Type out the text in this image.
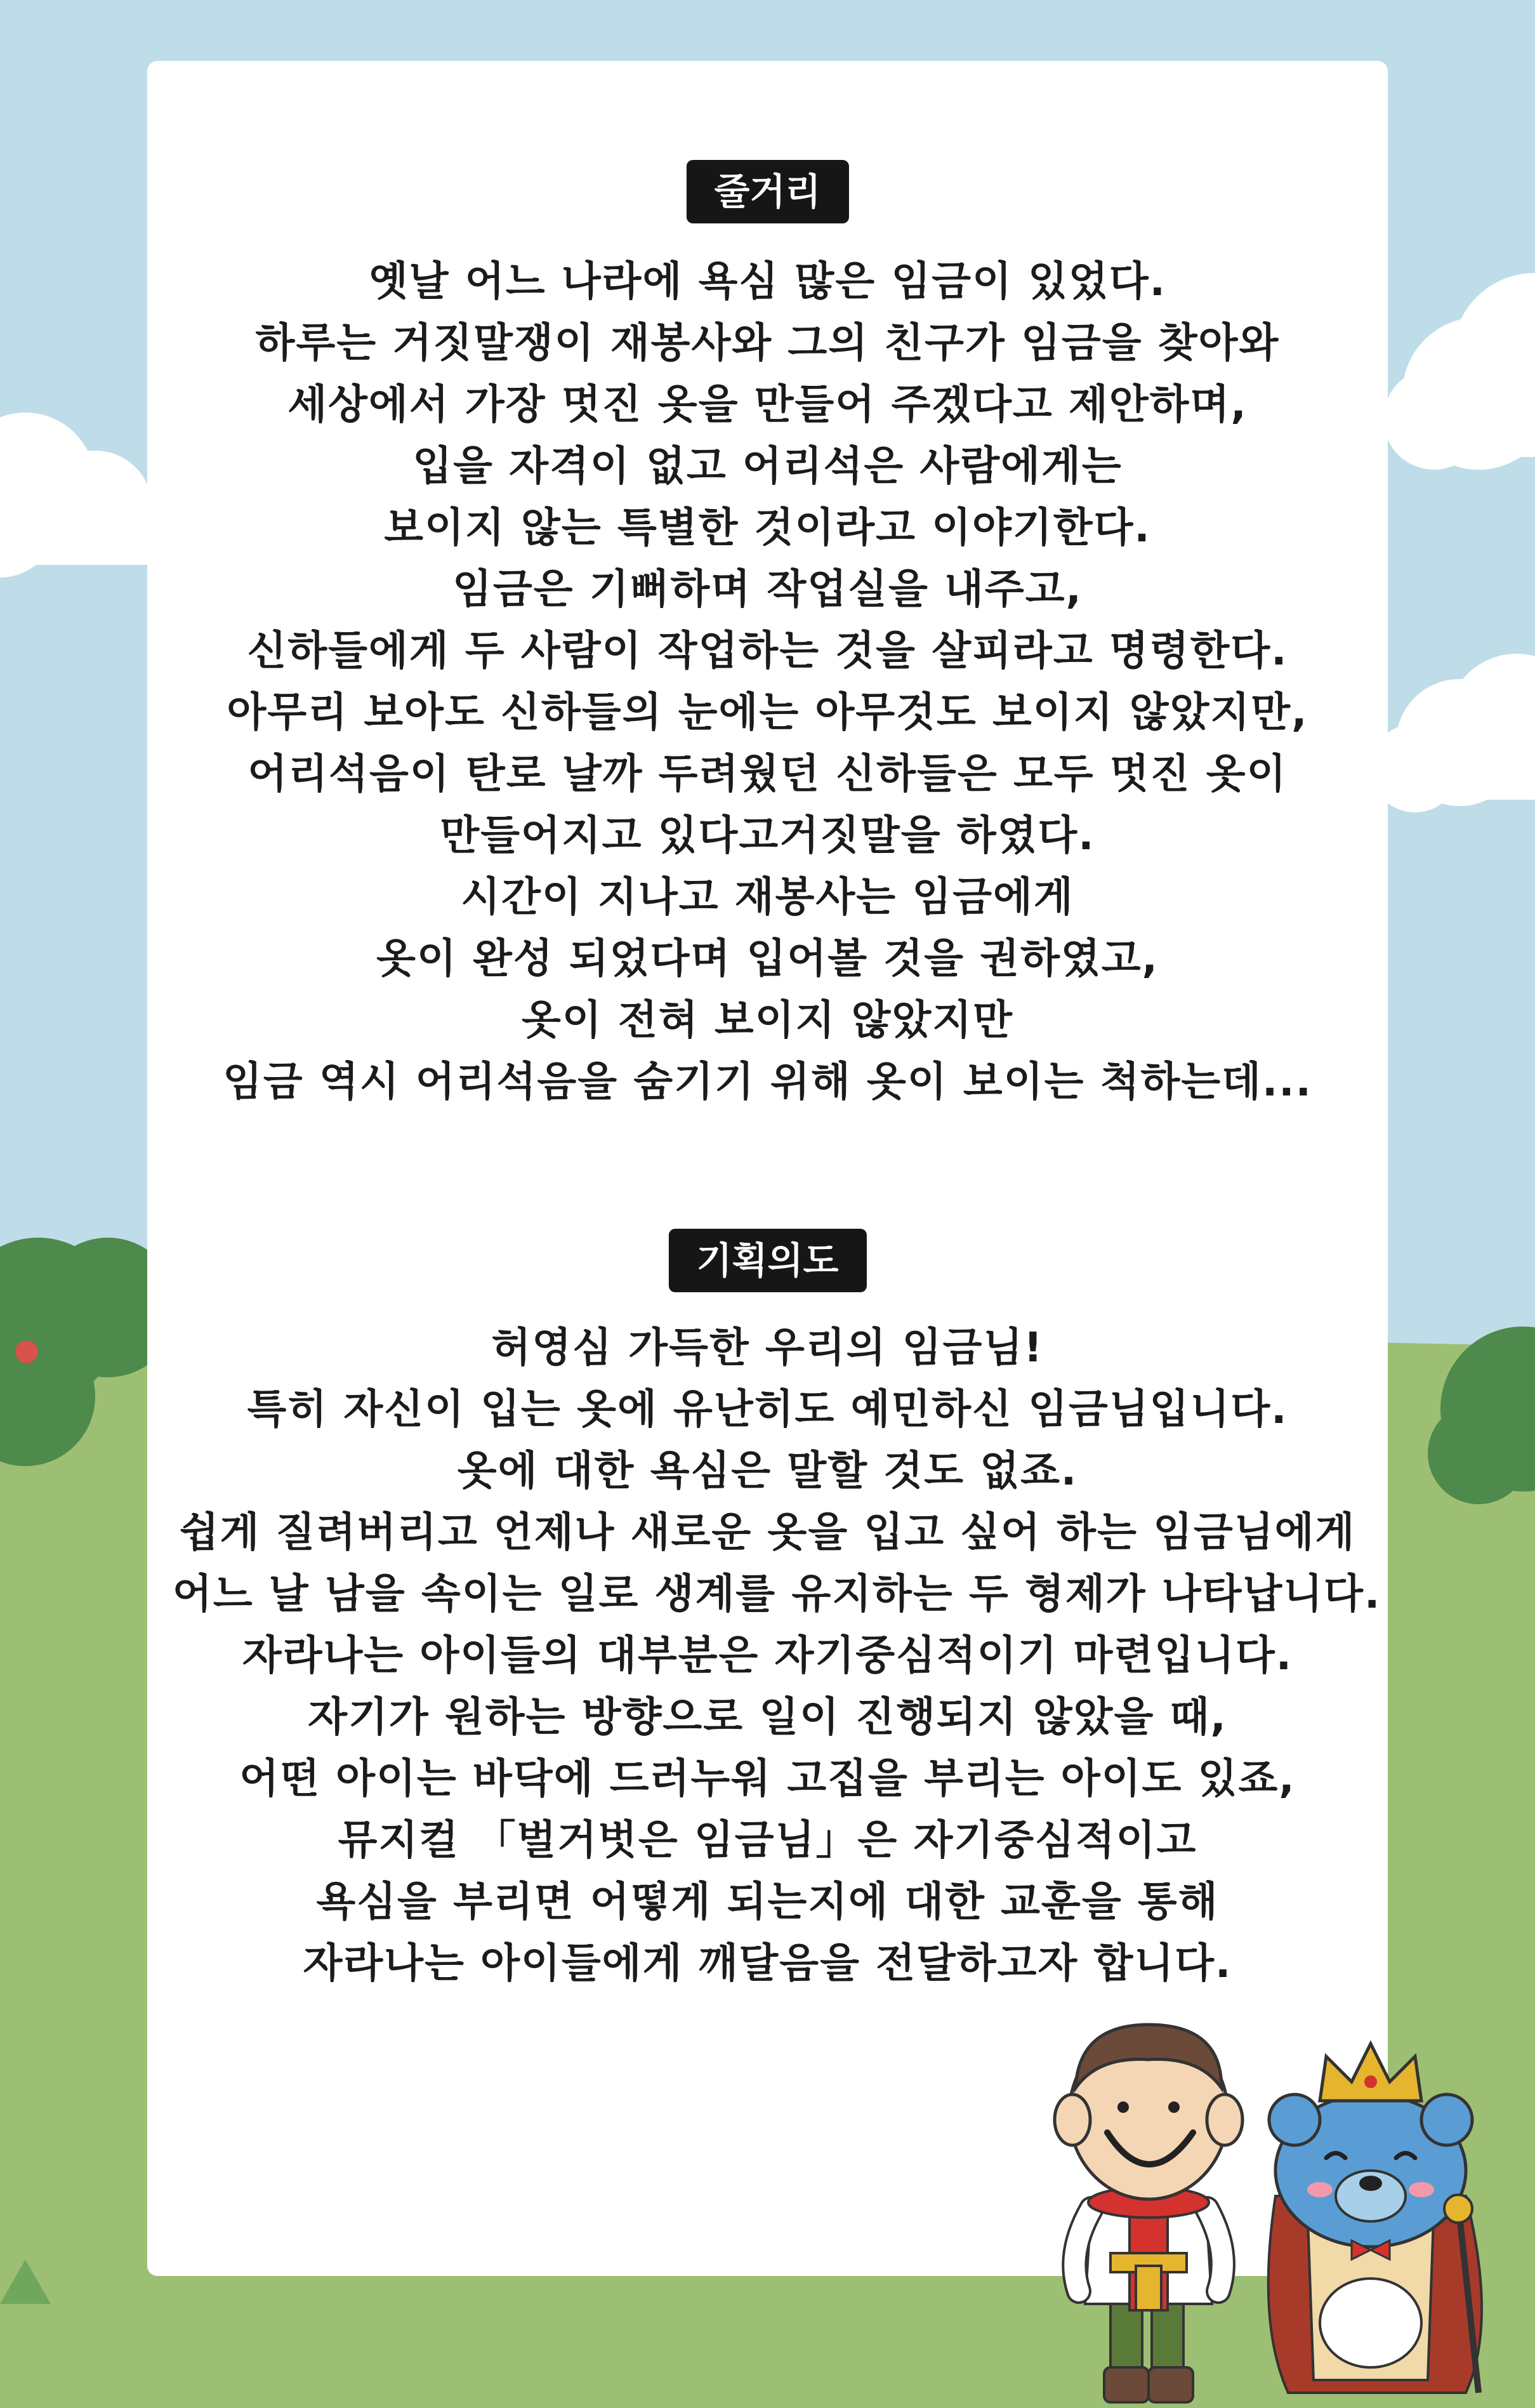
줄거리
옛날 어느 나라에 욕심 많은 임금이 있었다.
하루는 거짓말쟁이 재봉사와 그의 친구가 임금을 찾아와
세상에서 가장 멋진 옷을 만들어 주겠다고 제안하며,
입을 자격이 없고 어리석은 사람에게는
보이지 않는 특별한 것이라고 이야기한다.
임금은 기뻐하며 작업실을 내주고,
신하들에게 두 사람이 작업하는 것을 살피라고 명령한다.
아무리 보아도 신하들의 눈에는 아무것도 보이지 않았지만,
어리석음이 탄로 날까 두려웠던 신하들은 모두 멋진 옷이
만들어지고 있다고거짓말을 하였다.
시간이 지나고 재봉사는 임금에게
옷이 완성 되었다며 입어볼 것을 권하였고,
옷이 전혀 보이지 않았지만
임금 역시 어리석음을 숨기기 위해 옷이 보이는 척하는데...
기획의도
허영심 가득한 우리의 임금님!
특히 자신이 입는 옷에 유난히도 예민하신 임금님입니다.
옷에 대한 욕심은 말할 것도 없죠.
쉽게 질려버리고 언제나 새로운 옷을 입고 싶어 하는 임금님에게
어느 날 남을 속이는 일로 생계를 유지하는 두 형제가 나타납니다.
자라나는 아이들의 대부분은 자기중심적이기 마련입니다.
자기가 원하는 방향으로 일이 진행되지 않았을 때,
어떤 아이는 바닥에 드러누워 고집을 부리는 아이도 있죠,
뮤지컬 「벌거벗은 임금님」은 자기중심적이고
욕심을 부리면 어떻게 되는지에 대한 교훈을 통해
자라나는 아이들에게 깨달음을 전달하고자 합니다.
